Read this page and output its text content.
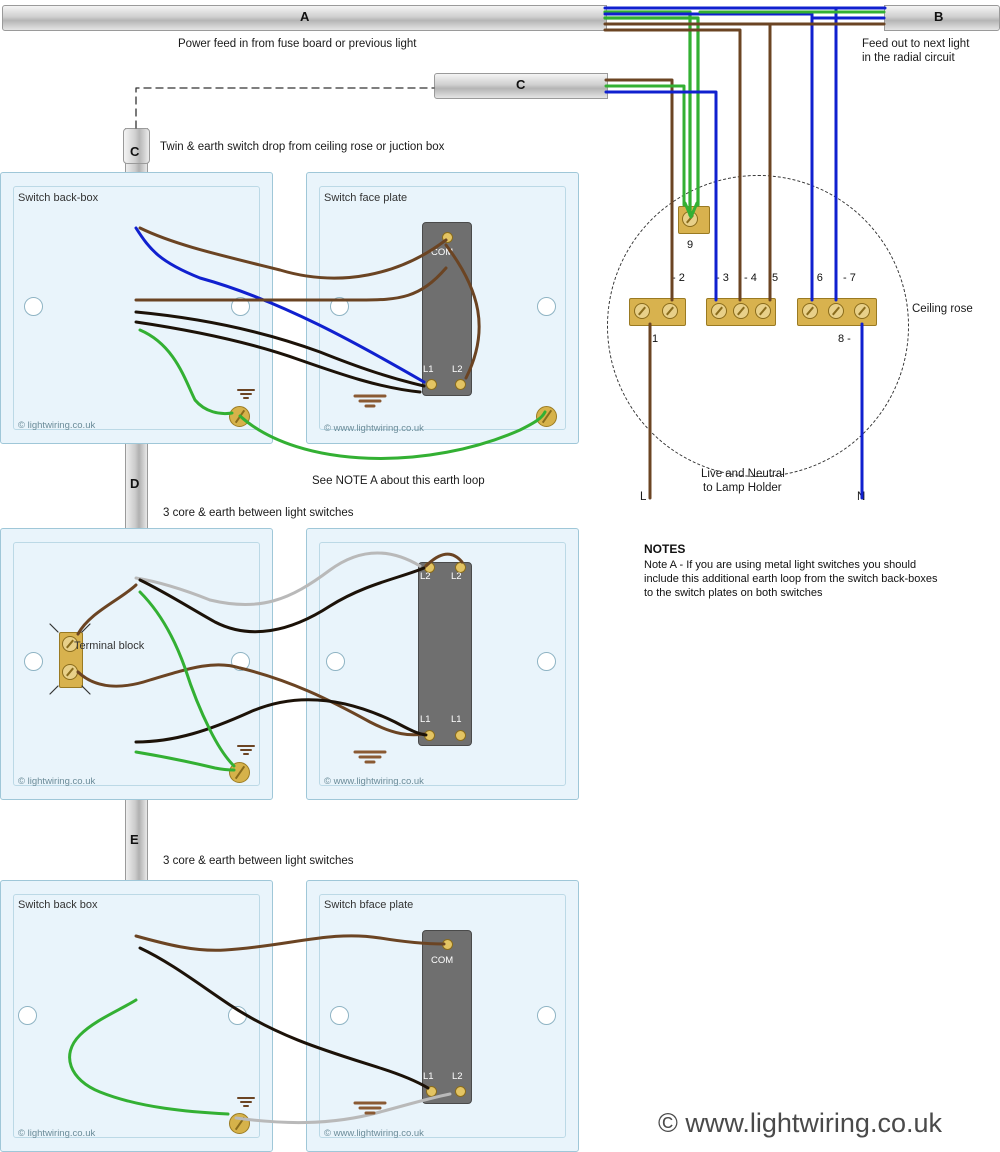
A	B
C
C
D
E
Power feed in from fuse board or previous light	Feed out to next light
in the radial circuit
Twin & earth switch drop from ceiling rose or juction box
See NOTE A about this earth loop
3 core & earth between light switches
3 core & earth between light switches
Ceiling rose
Live and Neutral
to Lamp Holder
L	N
Switch back-box
© lightwiring.co.uk
Switch face plate
© www.lightwiring.co.uk
COM
L1 L2
© lightwiring.co.uk
Terminal block
© www.lightwiring.co.uk
L2 L2
L1 L1
Switch back box
© lightwiring.co.uk
Switch bface plate
© www.lightwiring.co.uk
COM
L1 L2
9
- 2
1
- 3 - 4 5	- 6 - 7
8 -
NOTES
Note A - If you are using metal light switches you should
include this additional earth loop from the switch back-boxes
to the switch plates on both switches
© www.lightwiring.co.uk
